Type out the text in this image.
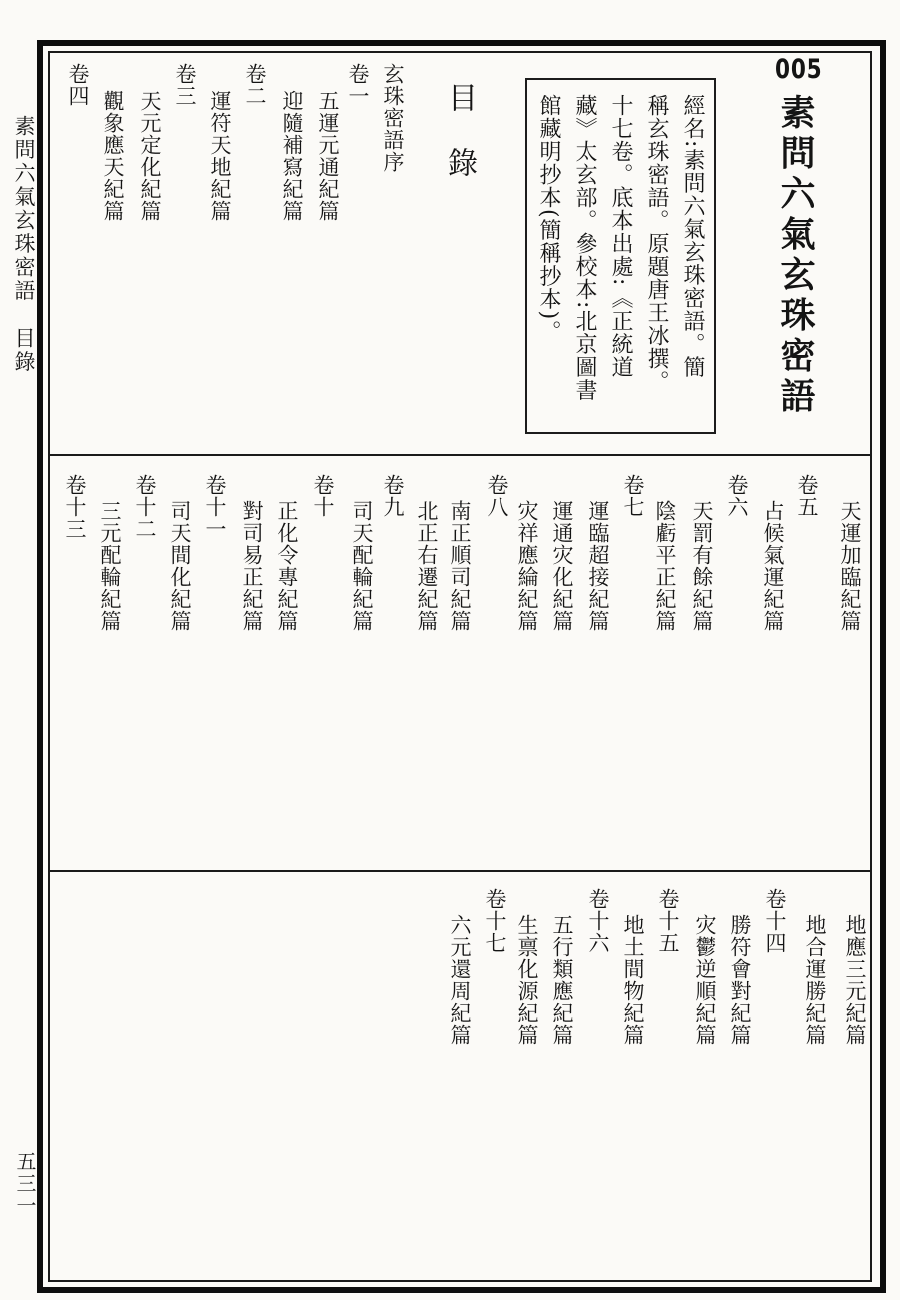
素問六氣玄珠密語
目錄
五三一
005
素問六氣玄珠密語
經名:素問六氣玄珠密語。簡
稱玄珠密語。原題唐王冰撰。
十七卷。底本出處:《正統道
藏》太玄部。參校本:北京圖書
館藏明抄本(簡稱抄本)。
目錄
玄珠密語序
卷一
五運元通紀篇
迎隨補寫紀篇
卷二
運符天地紀篇
卷三
天元定化紀篇
觀象應天紀篇
卷四
天運加臨紀篇
卷五
占候氣運紀篇
卷六
天罰有餘紀篇
陰虧平正紀篇
卷七
運臨超接紀篇
運通灾化紀篇
灾祥應綸紀篇
卷八
南正順司紀篇
北正右遷紀篇
卷九
司天配輪紀篇
卷十
正化令專紀篇
對司易正紀篇
卷十一
司天間化紀篇
卷十二
三元配輪紀篇
卷十三
地應三元紀篇
地合運勝紀篇
卷十四
勝符會對紀篇
灾鬱逆順紀篇
卷十五
地土間物紀篇
卷十六
五行類應紀篇
生禀化源紀篇
卷十七
六元還周紀篇
